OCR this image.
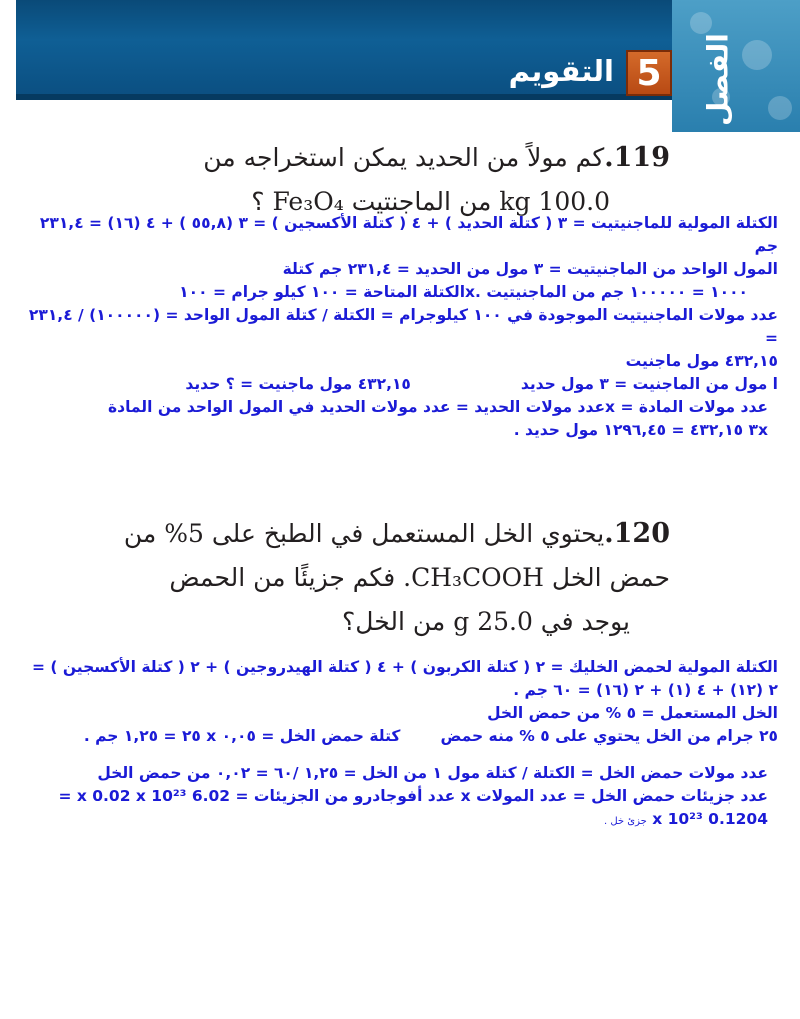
الفصل
5
التقويم
119.كم مولاً من الحديد يمكن استخراجه من
100.0 kg من الماجنتيت Fe₃O₄ ؟

الكتلة المولية للماجنيتيت = ٣ ( كتلة الحديد ) + ٤ ( كتلة الأكسجين ) = ٣ (٥٥,٨ ) + ٤ (١٦) = ٢٣١,٤ جم

المول الواحد من الماجنيتيت = ٣ مول من الحديد = ٢٣١,٤ جم كتلة

١٠٠٠ = ١٠٠٠٠٠ جم من الماجنيتيت .xالكتلة المتاحة = ١٠٠ كيلو جرام = ١٠٠

عدد مولات الماجنيتيت الموجودة في ١٠٠ كيلوجرام = الكتلة / كتلة المول الواحد = (١٠٠٠٠٠) / ٢٣١,٤ =

٤٣٢,١٥ مول ماجنيت

ا مول من الماجنيت = ٣ مول حديد٤٣٢,١٥ مول ماجنيت = ؟ حديد

عدد مولات المادة = xعدد مولات الحديد = عدد مولات الحديد في المول الواحد من المادة

٣x ٤٣٢,١٥ = ١٢٩٦,٤٥ مول حديد .

120.يحتوي الخل المستعمل في الطبخ على 5% من
حمض الخل CH₃COOH. فكم جزيئًا من الحمض
يوجد في 25.0 g من الخل؟

الكتلة المولية لحمض الخليك = ٢ ( كتلة الكربون ) + ٤ ( كتلة الهيدروجين ) + ٢ ( كتلة الأكسجين ) = ٢ (١٢) + ٤ (١) + ٢ (١٦) = ٦٠ جم .

الخل المستعمل = ٥ % من حمض الخل

٢٥ جرام من الخل يحتوي على ٥ % منه حمضكتلة حمض الخل = ٠,٠٥ x ٢٥ = ١,٢٥ جم .

عدد مولات حمض الخل = الكتلة / كتلة مول ١ من الخل = ١,٢٥ /٦٠ = ٠,٠٢ من حمض الخل

عدد جزيئات حمض الخل = عدد المولات x عدد أفوجادرو من الجزيئات = 6.02 x 0.02 x 10²³ =

0.1204 x 10²³ جزئ خل .
